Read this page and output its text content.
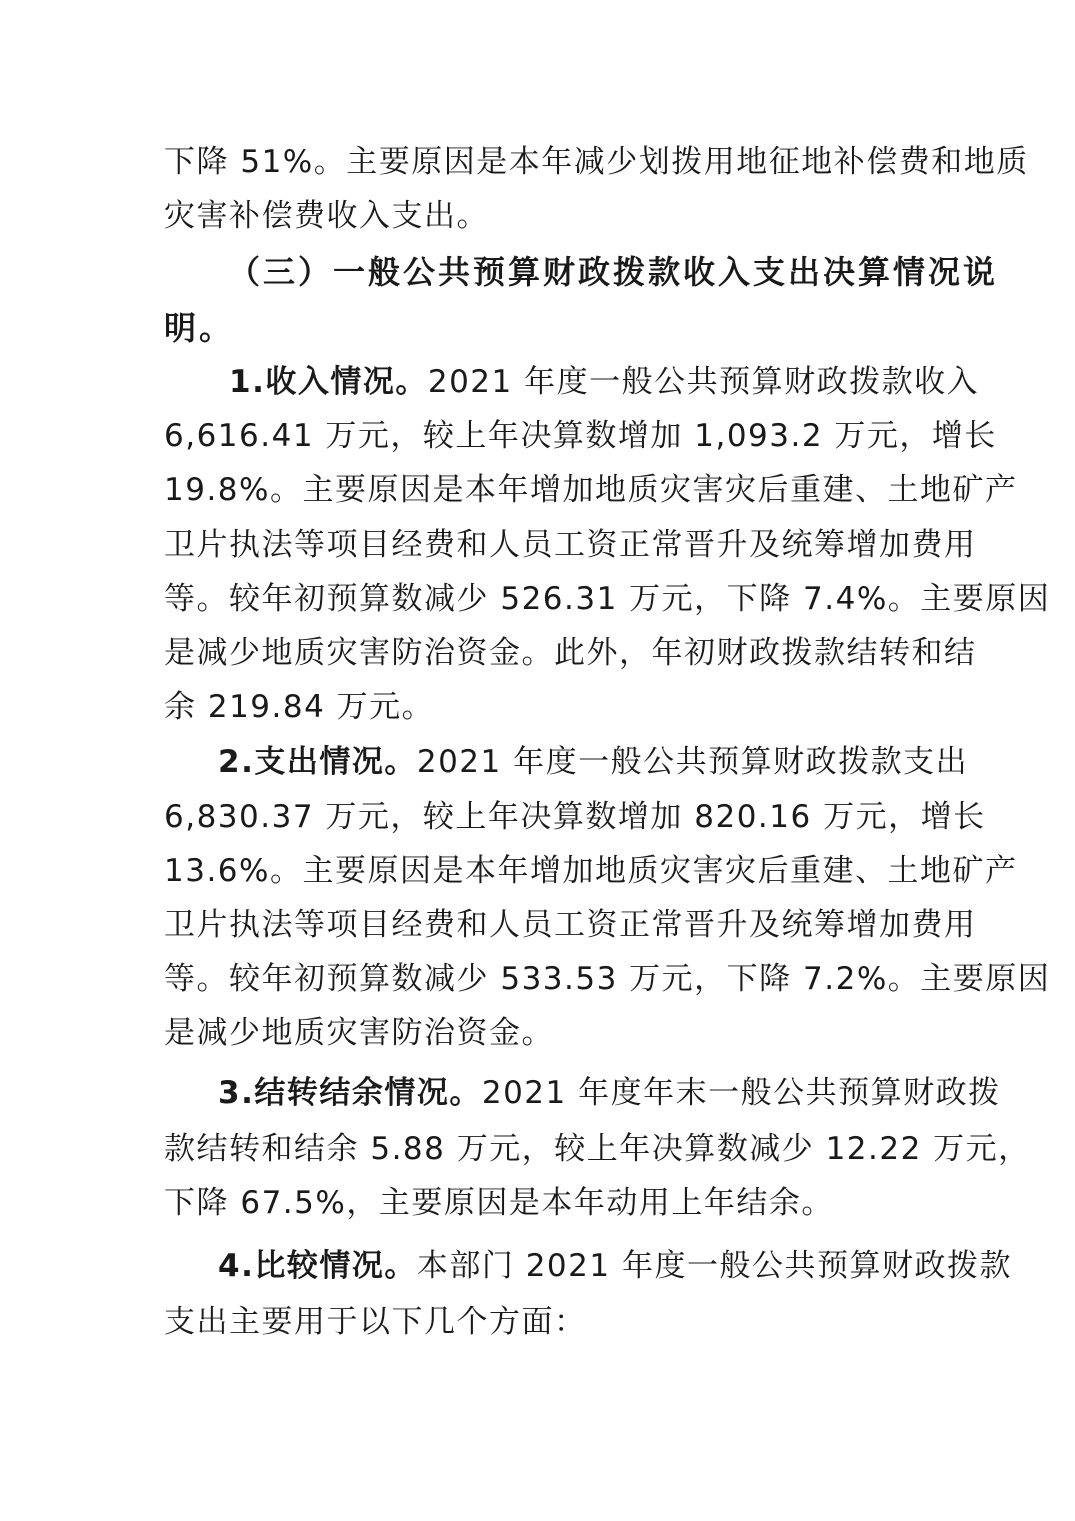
下降 51%。主要原因是本年减少划拨用地征地补偿费和地质
灾害补偿费收入支出。
（三）一般公共预算财政拨款收入支出决算情况说
明。
1.收入情况。2021 年度一般公共预算财政拨款收入
6,616.41 万元，较上年决算数增加 1,093.2 万元，增长
19.8%。主要原因是本年增加地质灾害灾后重建、土地矿产
卫片执法等项目经费和人员工资正常晋升及统筹增加费用
等。较年初预算数减少 526.31 万元，下降 7.4%。主要原因
是减少地质灾害防治资金。此外，年初财政拨款结转和结
余 219.84 万元。
2.支出情况。2021 年度一般公共预算财政拨款支出
6,830.37 万元，较上年决算数增加 820.16 万元，增长
13.6%。主要原因是本年增加地质灾害灾后重建、土地矿产
卫片执法等项目经费和人员工资正常晋升及统筹增加费用
等。较年初预算数减少 533.53 万元，下降 7.2%。主要原因
是减少地质灾害防治资金。
3.结转结余情况。2021 年度年末一般公共预算财政拨
款结转和结余 5.88 万元，较上年决算数减少 12.22 万元，
下降 67.5%，主要原因是本年动用上年结余。
4.比较情况。本部门 2021 年度一般公共预算财政拨款
支出主要用于以下几个方面：
